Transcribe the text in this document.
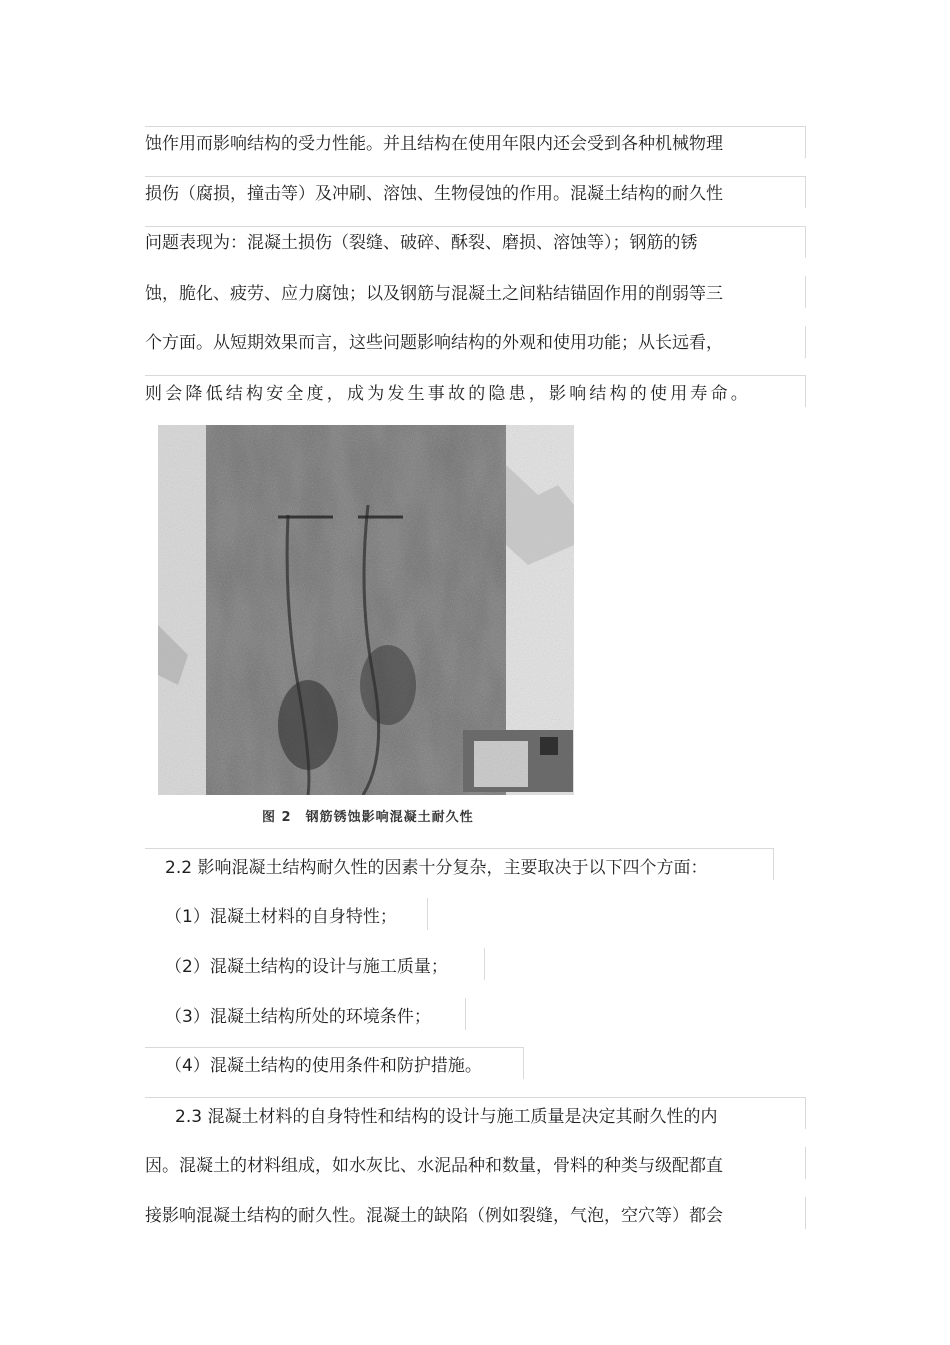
蚀作用而影响结构的受力性能。并且结构在使用年限内还会受到各种机械物理
损伤（腐损，撞击等）及冲刷、溶蚀、生物侵蚀的作用。混凝土结构的耐久性
问题表现为：混凝土损伤（裂缝、破碎、酥裂、磨损、溶蚀等）；钢筋的锈
蚀，脆化、疲劳、应力腐蚀；以及钢筋与混凝土之间粘结锚固作用的削弱等三
个方面。从短期效果而言，这些问题影响结构的外观和使用功能；从长远看，
则会降低结构安全度，成为发生事故的隐患，影响结构的使用寿命。
图 2 钢筋锈蚀影响混凝土耐久性
2.2 影响混凝土结构耐久性的因素十分复杂，主要取决于以下四个方面：
（1）混凝土材料的自身特性；
（2）混凝土结构的设计与施工质量；
（3）混凝土结构所处的环境条件；
（4）混凝土结构的使用条件和防护措施。
2.3 混凝土材料的自身特性和结构的设计与施工质量是决定其耐久性的内
因。混凝土的材料组成，如水灰比、水泥品种和数量，骨料的种类与级配都直
接影响混凝土结构的耐久性。混凝土的缺陷（例如裂缝，气泡，空穴等）都会
